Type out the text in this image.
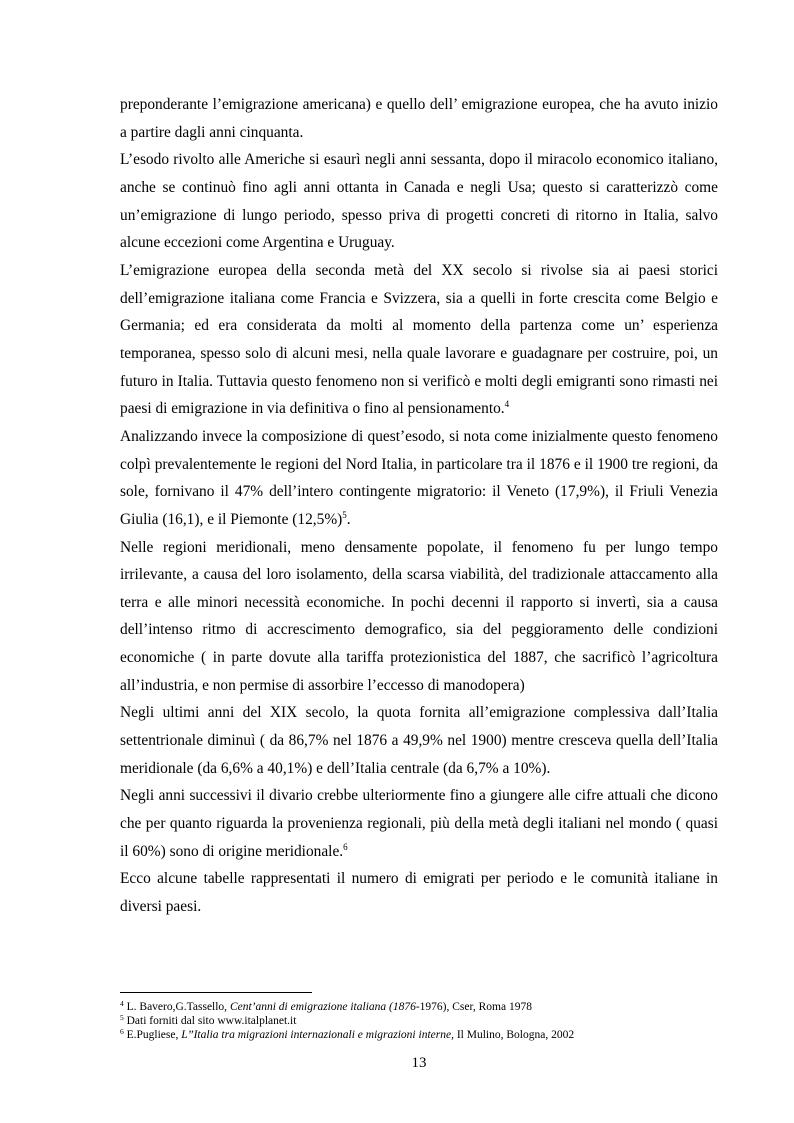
preponderante l’emigrazione americana) e quello dell’ emigrazione europea, che ha avuto inizio a partire dagli anni cinquanta.

L’esodo rivolto alle Americhe si esaurì negli anni sessanta, dopo il miracolo economico italiano, anche se continuò fino agli anni ottanta in Canada e negli Usa; questo si caratterizzò come un’emigrazione di lungo periodo, spesso priva di progetti concreti di ritorno in Italia, salvo alcune eccezioni come Argentina e Uruguay.

L’emigrazione europea della seconda metà del XX secolo si rivolse sia ai paesi storici dell’emigrazione italiana come Francia e Svizzera, sia a quelli in forte crescita come Belgio e Germania; ed era considerata da molti al momento della partenza come un’ esperienza temporanea, spesso solo di alcuni mesi, nella quale lavorare e guadagnare per costruire, poi, un futuro in Italia. Tuttavia questo fenomeno non si verificò e molti degli emigranti sono rimasti nei paesi di emigrazione in via definitiva o fino al pensionamento.$^4$

Analizzando invece la composizione di quest’esodo, si nota come inizialmente questo fenomeno colpì prevalentemente le regioni del Nord Italia, in particolare tra il 1876 e il 1900 tre regioni, da sole, fornivano il 47% dell’intero contingente migratorio: il Veneto (17,9%), il Friuli Venezia Giulia (16,1), e il Piemonte $(12,5\%)^5$.

Nelle regioni meridionali, meno densamente popolate, il fenomeno fu per lungo tempo irrilevante, a causa del loro isolamento, della scarsa viabilità, del tradizionale attaccamento alla terra e alle minori necessità economiche. In pochi decenni il rapporto si invertì, sia a causa dell’intenso ritmo di accrescimento demografico, sia del peggioramento delle condizioni economiche ( in parte dovute alla tariffa protezionistica del 1887, che sacrificò l’agricoltura all’industria, e non permise di assorbire l’eccesso di manodopera)

Negli ultimi anni del XIX secolo, la quota fornita all’emigrazione complessiva dall’Italia settentrionale diminuì ( da 86,7% nel 1876 a 49,9% nel 1900) mentre cresceva quella dell’Italia meridionale (da 6,6% a 40,1%) e dell’Italia centrale (da 6,7% a 10%).

Negli anni successivi il divario crebbe ulteriormente fino a giungere alle cifre attuali che dicono che per quanto riguarda la provenienza regionali, più della metà degli italiani nel mondo ( quasi il 60%) sono di origine meridionale.$^6$

Ecco alcune tabelle rappresentati il numero di emigrati per periodo e le comunità italiane in diversi paesi.

$^4$ L. Bavero,G.Tassello, Cent’anni di emigrazione italiana (1876-1976), Cser, Roma 1978
$^5$ Dati forniti dal sito www.italplanet.it
$^6$ E.Pugliese, L’’Italia tra migrazioni internazionali e migrazioni interne, Il Mulino, Bologna, 2002
13
